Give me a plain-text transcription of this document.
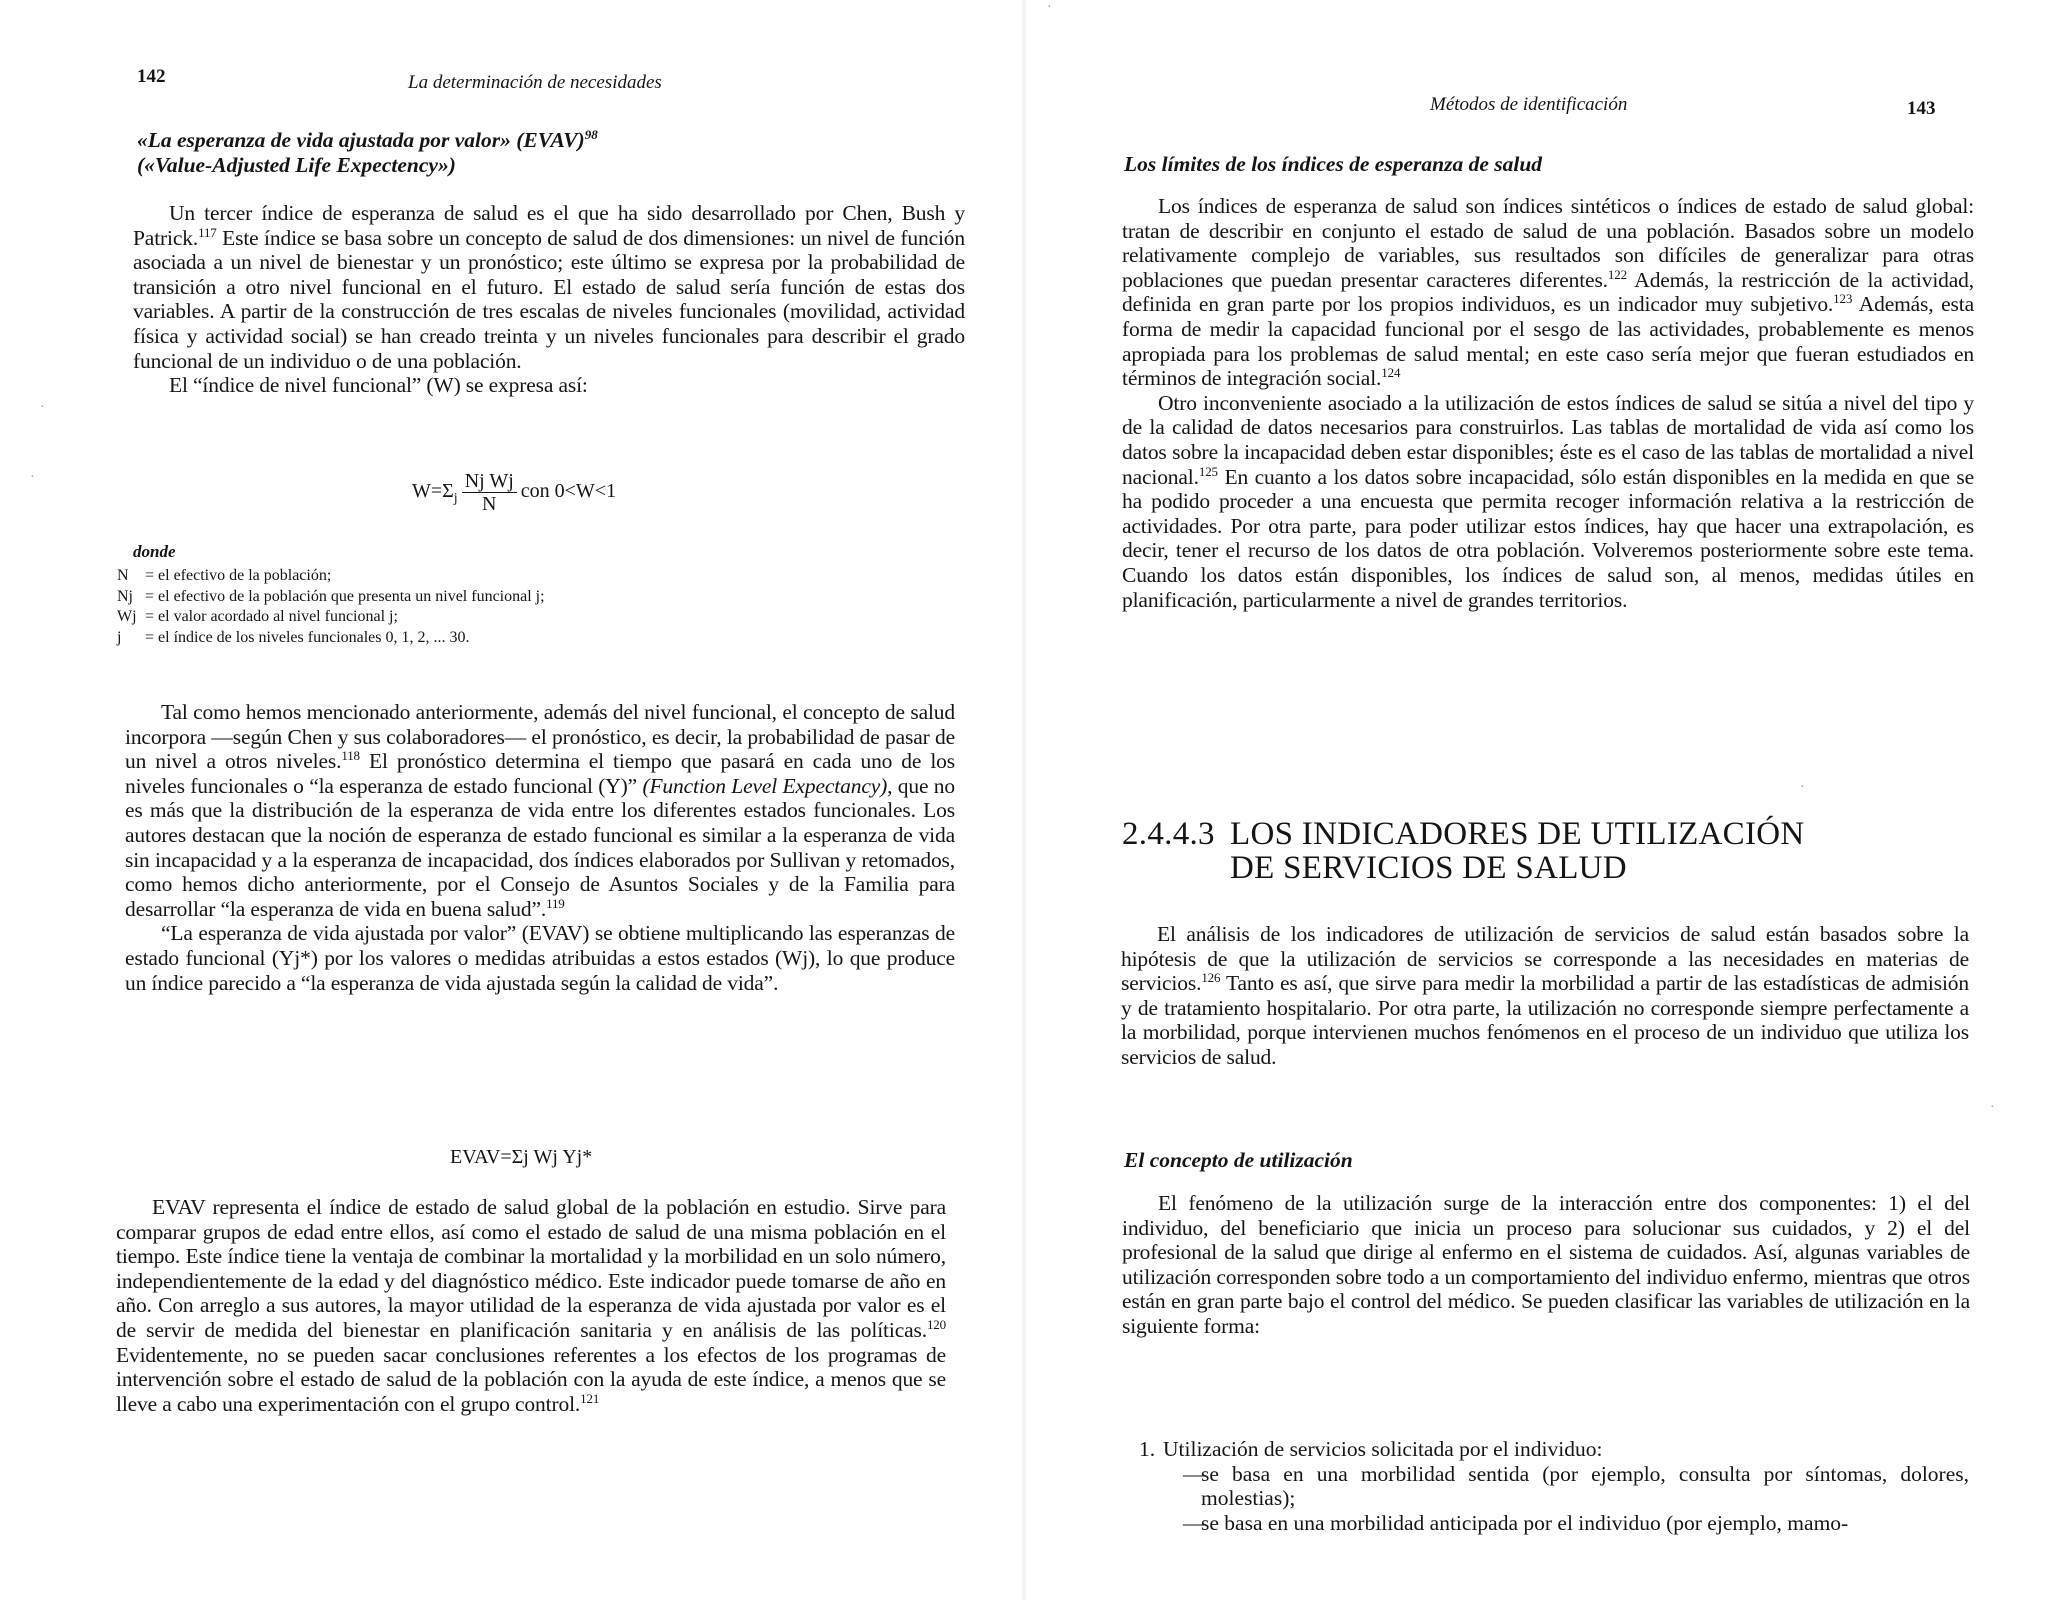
142	La determinación de necesidades
«La esperanza de vida ajustada por valor» (EVAV)$^{98}$
(«Value-Adjusted Life Expectency»)

Un tercer índice de esperanza de salud es el que ha sido desarrollado por Chen, Bush y Patrick.$^{117}$ Este índice se basa sobre un concepto de salud de dos dimensiones: un nivel de función asociada a un nivel de bienestar y un pronóstico; este último se expresa por la probabilidad de transición a otro nivel funcional en el futuro. El estado de salud sería función de estas dos variables. A partir de la construcción de tres escalas de niveles funcionales (movilidad, actividad física y actividad social) se han creado treinta y un niveles funcionales para describir el grado funcional de un individuo o de una población.

El “índice de nivel funcional” (W) se expresa así:

$W=\Sigma_j \frac{\text{Nj Wj}}{N}$ con 0<W<1
donde
N	= el efectivo de la población;
Nj = el efectivo de la población que presenta un nivel funcional j;
Wj = el valor acordado al nivel funcional j;
j	= el índice de los niveles funcionales 0, 1, 2, ... 30.

Tal como hemos mencionado anteriormente, además del nivel funcional, el concepto de salud incorpora —según Chen y sus colaboradores— el pronóstico, es decir, la probabilidad de pasar de un nivel a otros niveles.$^{118}$ El pronóstico determina el tiempo que pasará en cada uno de los niveles funcionales o “la esperanza de estado funcional (Y)” (Function Level Expectancy), que no es más que la distribución de la esperanza de vida entre los diferentes estados funcionales. Los autores destacan que la noción de esperanza de estado funcional es similar a la esperanza de vida sin incapacidad y a la esperanza de incapacidad, dos índices elaborados por Sullivan y retomados, como hemos dicho anteriormente, por el Consejo de Asuntos Sociales y de la Familia para desarrollar “la esperanza de vida en buena salud”.$^{119}$

“La esperanza de vida ajustada por valor” (EVAV) se obtiene multiplicando las esperanzas de estado funcional (Yj*) por los valores o medidas atribuidas a estos estados (Wj), lo que produce un índice parecido a “la esperanza de vida ajustada según la calidad de vida”.

EVAV=Σj Wj Yj*

EVAV representa el índice de estado de salud global de la población en estudio. Sirve para comparar grupos de edad entre ellos, así como el estado de salud de una misma población en el tiempo. Este índice tiene la ventaja de combinar la mortalidad y la morbilidad en un solo número, independientemente de la edad y del diagnóstico médico. Este indicador puede tomarse de año en año. Con arreglo a sus autores, la mayor utilidad de la esperanza de vida ajustada por valor es el de servir de medida del bienestar en planificación sanitaria y en análisis de las políticas.$^{120}$ Evidentemente, no se pueden sacar conclusiones referentes a los efectos de los programas de intervención sobre el estado de salud de la población con la ayuda de este índice, a menos que se lleve a cabo una experimentación con el grupo control.$^{121}$

Métodos de identificación	143
Los límites de los índices de esperanza de salud

Los índices de esperanza de salud son índices sintéticos o índices de estado de salud global: tratan de describir en conjunto el estado de salud de una población. Basados sobre un modelo relativamente complejo de variables, sus resultados son difíciles de generalizar para otras poblaciones que puedan presentar caracteres diferentes.$^{122}$ Además, la restricción de la actividad, definida en gran parte por los propios individuos, es un indicador muy subjetivo.$^{123}$ Además, esta forma de medir la capacidad funcional por el sesgo de las actividades, probablemente es menos apropiada para los problemas de salud mental; en este caso sería mejor que fueran estudiados en términos de integración social.$^{124}$

Otro inconveniente asociado a la utilización de estos índices de salud se sitúa a nivel del tipo y de la calidad de datos necesarios para construirlos. Las tablas de mortalidad de vida así como los datos sobre la incapacidad deben estar disponibles; éste es el caso de las tablas de mortalidad a nivel nacional.$^{125}$ En cuanto a los datos sobre incapacidad, sólo están disponibles en la medida en que se ha podido proceder a una encuesta que permita recoger información relativa a la restricción de actividades. Por otra parte, para poder utilizar estos índices, hay que hacer una extrapolación, es decir, tener el recurso de los datos de otra población. Volveremos posteriormente sobre este tema. Cuando los datos están disponibles, los índices de salud son, al menos, medidas útiles en planificación, particularmente a nivel de grandes territorios.

2.4.4.3 LOS INDICADORES DE UTILIZACIÓN
DE SERVICIOS DE SALUD

El análisis de los indicadores de utilización de servicios de salud están basados sobre la hipótesis de que la utilización de servicios se corresponde a las necesidades en materias de servicios.$^{126}$ Tanto es así, que sirve para medir la morbilidad a partir de las estadísticas de admisión y de tratamiento hospitalario. Por otra parte, la utilización no corresponde siempre perfectamente a la morbilidad, porque intervienen muchos fenómenos en el proceso de un individuo que utiliza los servicios de salud.

El concepto de utilización

El fenómeno de la utilización surge de la interacción entre dos componentes: 1) el del individuo, del beneficiario que inicia un proceso para solucionar sus cuidados, y 2) el del profesional de la salud que dirige al enfermo en el sistema de cuidados. Así, algunas variables de utilización corresponden sobre todo a un comportamiento del individuo enfermo, mientras que otros están en gran parte bajo el control del médico. Se pueden clasificar las variables de utilización en la siguiente forma:

1. Utilización de servicios solicitada por el individuo:
—
se basa en una morbilidad sentida (por ejemplo, consulta por síntomas, dolores, molestias);
—
se basa en una morbilidad anticipada por el individuo (por ejemplo, mamo-
·
·
·
·
·
